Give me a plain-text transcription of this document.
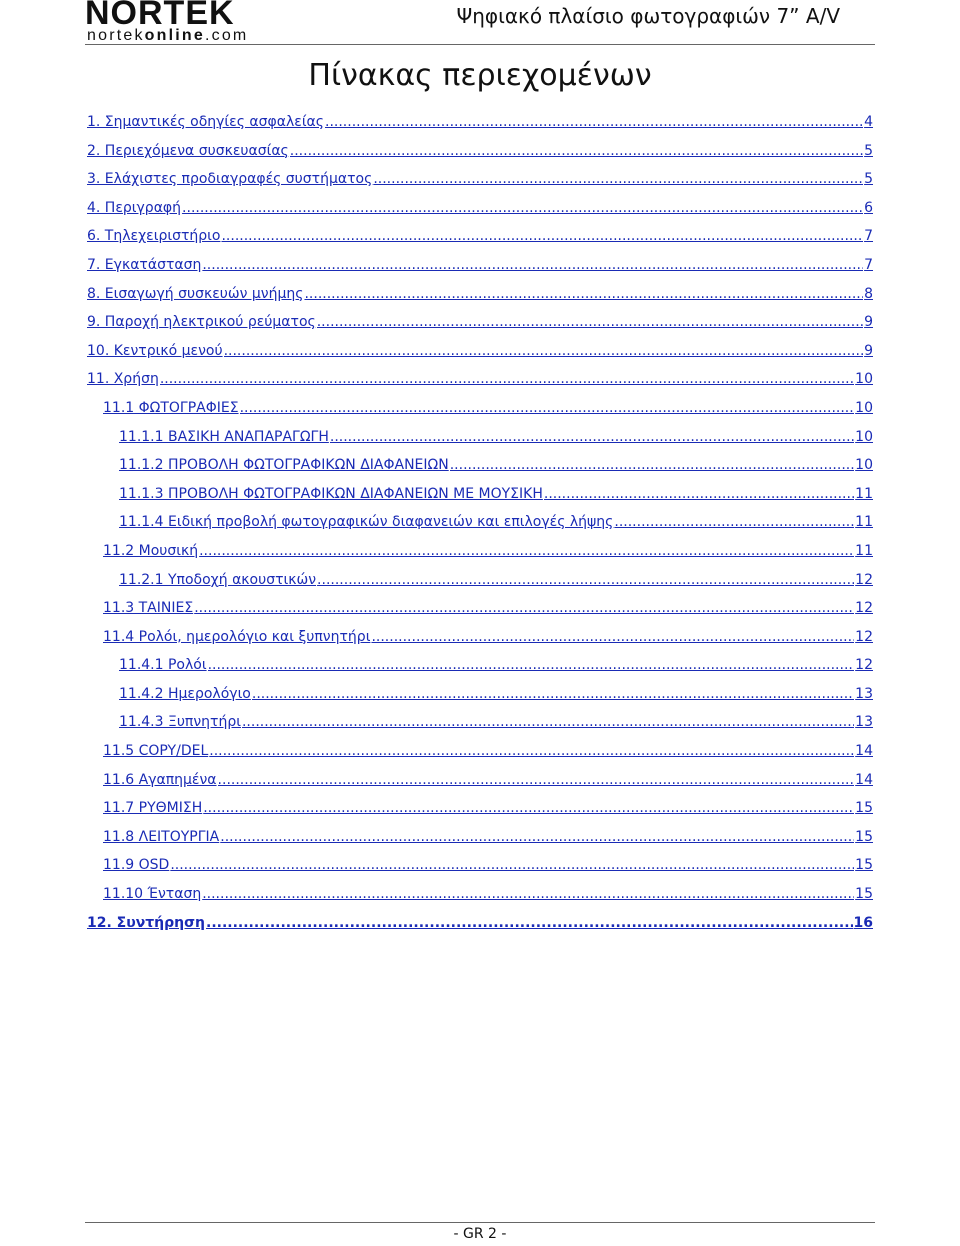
NORTEK
nortekonline.com
Ψηφιακό πλαίσιο φωτογραφιών 7” A/V
Πίνακας περιεχομένων
1. Σημαντικές οδηγίες ασφαλείας .....	4
2. Περιεχόμενα συσκευασίας .....	5
3. Ελάχιστες προδιαγραφές συστήματος .....	5
4. Περιγραφή .....	6
6. Τηλεχειριστήριο .....	7
7. Εγκατάσταση .....	7
8. Εισαγωγή συσκευών μνήμης .....	8
9. Παροχή ηλεκτρικού ρεύματος .....	9
10. Κεντρικό μενού .....	9
11. Χρήση .....	10
11.1 ΦΩΤΟΓΡΑΦΙΕΣ .....	10
11.1.1 ΒΑΣΙΚΗ ΑΝΑΠΑΡΑΓΩΓΗ .....	10
11.1.2 ΠΡΟΒΟΛΗ ΦΩΤΟΓΡΑΦΙΚΩΝ ΔΙΑΦΑΝΕΙΩΝ .....	10
11.1.3 ΠΡΟΒΟΛΗ ΦΩΤΟΓΡΑΦΙΚΩΝ ΔΙΑΦΑΝΕΙΩΝ ΜΕ ΜΟΥΣΙΚΗ .....	11
11.1.4 Ειδική προβολή φωτογραφικών διαφανειών και επιλογές λήψης .....	11
11.2 Μουσική .....	11
11.2.1 Υποδοχή ακουστικών .....	12
11.3 ΤΑΙΝΙΕΣ .....	12
11.4 Ρολόι, ημερολόγιο και ξυπνητήρι .....	12
11.4.1 Ρολόι .....	12
11.4.2 Ημερολόγιο .....	13
11.4.3 Ξυπνητήρι .....	13
11.5 COPY/DEL .....	14
11.6 Αγαπημένα .....	14
11.7 ΡΥΘΜΙΣΗ .....	15
11.8 ΛΕΙΤΟΥΡΓΙΑ .....	15
11.9 OSD .....	15
11.10 Ένταση .....	15
12. Συντήρηση .....	16
- GR 2 -
